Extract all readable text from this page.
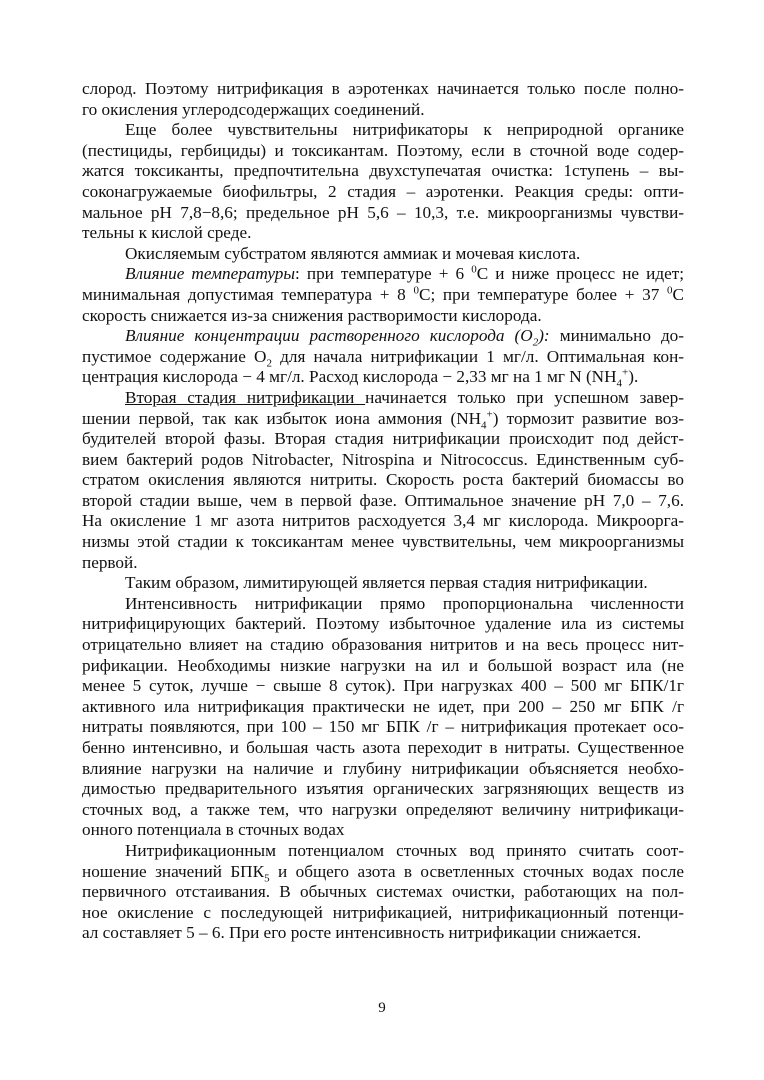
слород. Поэтому нитрификация в аэротенках начинается только после полно-
го окисления углеродсодержащих соединений.
Еще более чувствительны нитрификаторы к неприродной органике
(пестициды, гербициды) и токсикантам. Поэтому, если в сточной воде содер-
жатся токсиканты, предпочтительна двухступечатая очистка: 1ступень – вы-
соконагружаемые биофильтры, 2 стадия – аэротенки. Реакция среды: опти-
мальное рН 7,8−8,6; предельное рН 5,6 – 10,3, т.е. микроорганизмы чувстви-
тельны к кислой среде.
Окисляемым субстратом являются аммиак и мочевая кислота.
Влияние температуры: при температуре + 6 $^0$С и ниже процесс не идет;
минимальная допустимая температура + 8 $^0$С; при температуре более + 37 $^0$С
скорость снижается из-за снижения растворимости кислорода.
Влияние концентрации растворенного кислорода $(O_2)$: минимально до-
пустимое содержание $O_2$ для начала нитрификации 1 мг/л. Оптимальная кон-
центрация кислорода − 4 мг/л. Расход кислорода − 2,33 мг на 1 мг N $(NH_4^+)$.
Вторая стадия нитрификации начинается только при успешном завер-
шении первой, так как избыток иона аммония $(NH_4^+)$ тормозит развитие воз-
будителей второй фазы. Вторая стадия нитрификации происходит под дейст-
вием бактерий родов Nitrobacter, Nitrospina и Nitrococcus. Единственным суб-
стратом окисления являются нитриты. Скорость роста бактерий биомассы во
второй стадии выше, чем в первой фазе. Оптимальное значение рН 7,0 – 7,6.
На окисление 1 мг азота нитритов расходуется 3,4 мг кислорода. Микроорга-
низмы этой стадии к токсикантам менее чувствительны, чем микроорганизмы
первой.
Таким образом, лимитирующей является первая стадия нитрификации.
Интенсивность нитрификации прямо пропорциональна численности
нитрифицирующих бактерий. Поэтому избыточное удаление ила из системы
отрицательно влияет на стадию образования нитритов и на весь процесс нит-
рификации. Необходимы низкие нагрузки на ил и большой возраст ила (не
менее 5 суток, лучше − свыше 8 суток). При нагрузках 400 – 500 мг БПК/1г
активного ила нитрификация практически не идет, при 200 – 250 мг БПК /г
нитраты появляются, при 100 – 150 мг БПК /г – нитрификация протекает осо-
бенно интенсивно, и большая часть азота переходит в нитраты. Существенное
влияние нагрузки на наличие и глубину нитрификации объясняется необхо-
димостью предварительного изъятия органических загрязняющих веществ из
сточных вод, а также тем, что нагрузки определяют величину нитрификаци-
онного потенциала в сточных водах
Нитрификационным потенциалом сточных вод принято считать соот-
ношение значений $БПК_5$ и общего азота в осветленных сточных водах после
первичного отстаивания. В обычных системах очистки, работающих на пол-
ное окисление с последующей нитрификацией, нитрификационный потенци-
ал составляет 5 – 6. При его росте интенсивность нитрификации снижается.
9
